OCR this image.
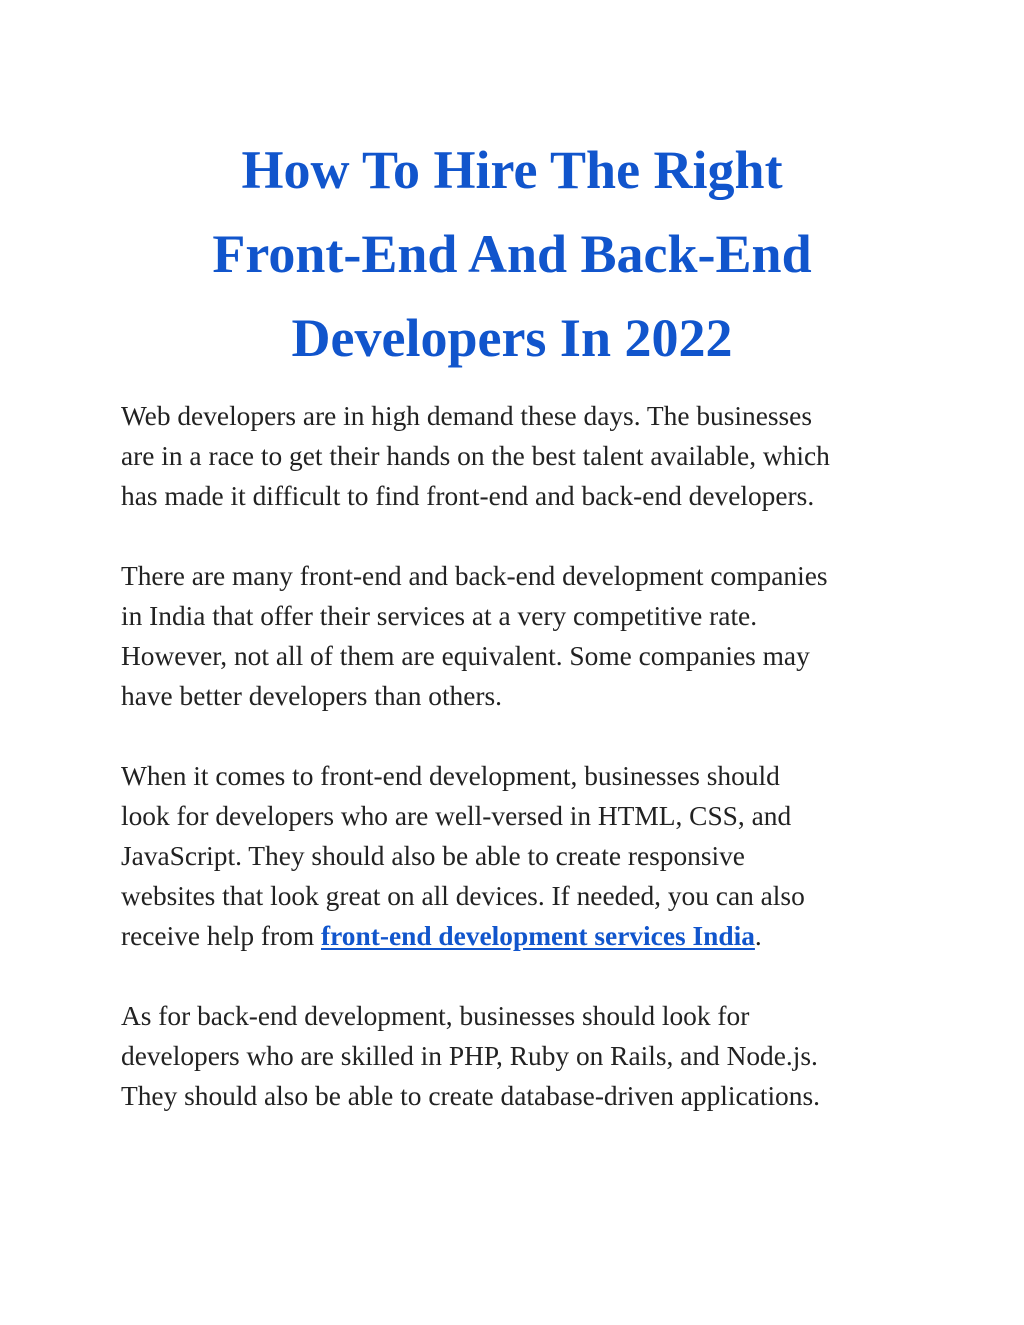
How To Hire The Right
Front-End And Back-End
Developers In 2022

Web developers are in high demand these days. The businesses
are in a race to get their hands on the best talent available, which
has made it difficult to find front-end and back-end developers.

There are many front-end and back-end development companies
in India that offer their services at a very competitive rate.
However, not all of them are equivalent. Some companies may
have better developers than others.

When it comes to front-end development, businesses should
look for developers who are well-versed in HTML, CSS, and
JavaScript. They should also be able to create responsive
websites that look great on all devices. If needed, you can also
receive help from front-end development services India.

As for back-end development, businesses should look for
developers who are skilled in PHP, Ruby on Rails, and Node.js.
They should also be able to create database-driven applications.
